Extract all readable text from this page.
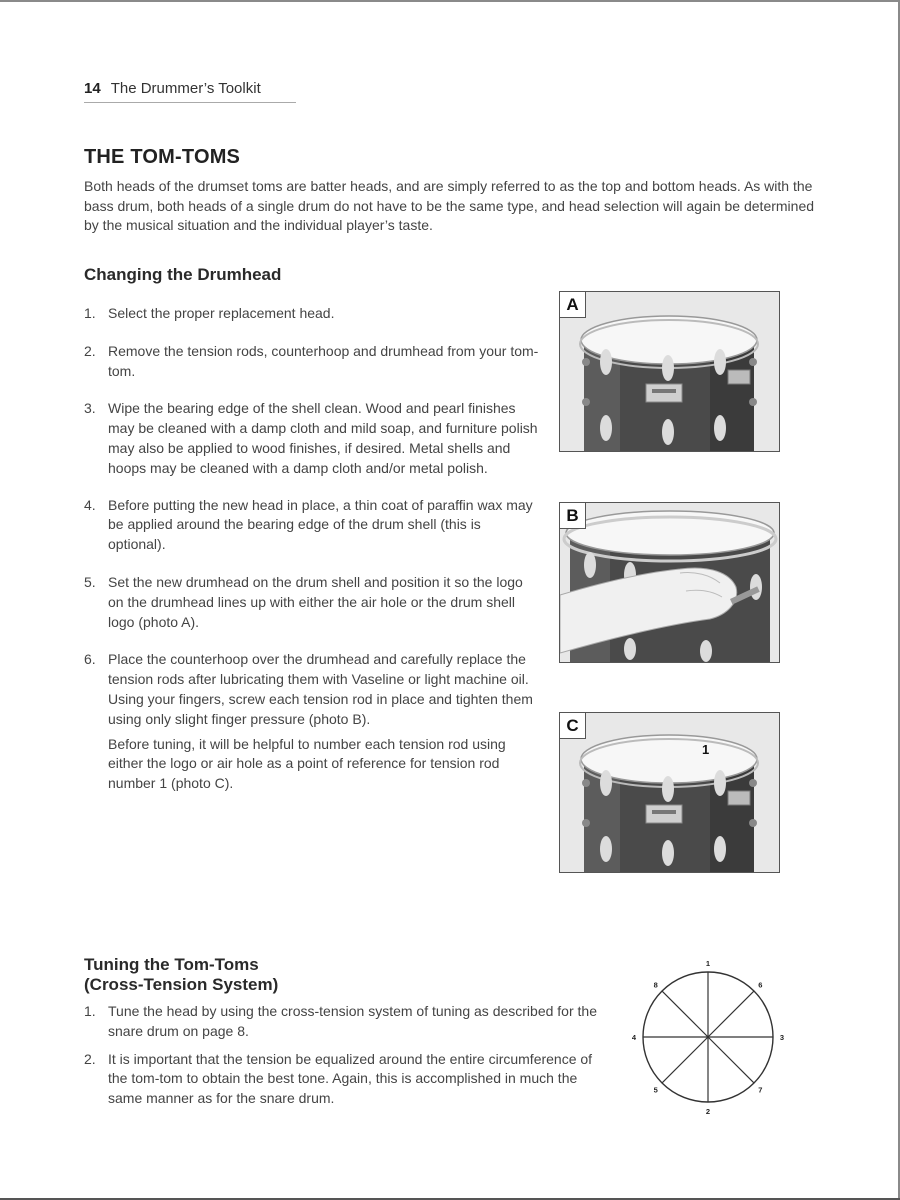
14 The Drummer’s Toolkit
THE TOM-TOMS

Both heads of the drumset toms are batter heads, and are simply referred to as the top and bottom heads. As with the bass drum, both heads of a single drum do not have to be the same type, and head selection will again be determined by the musical situation and the individual player’s taste.

Changing the Drumhead
1. Select the proper replacement head.
2. Remove the tension rods, counterhoop and drumhead from your tom-tom.
3. Wipe the bearing edge of the shell clean. Wood and pearl finishes may be cleaned with a damp cloth and mild soap, and furniture polish may also be applied to wood finishes, if desired. Metal shells and hoops may be cleaned with a damp cloth and/or metal polish.
4. Before putting the new head in place, a thin coat of paraffin wax may be applied around the bearing edge of the drum shell (this is optional).
5. Set the new drumhead on the drum shell and position it so the logo on the drumhead lines up with either the air hole or the drum shell logo (photo A).
6. Place the counterhoop over the drumhead and carefully replace the tension rods after lubricating them with Vaseline or light machine oil. Using your fingers, screw each tension rod in place and tighten them using only slight finger pressure (photo B).
Before tuning, it will be helpful to number each tension rod using either the logo or air hole as a point of reference for tension rod number 1 (photo C).
A
B
C
1
Tuning the Tom-Toms
(Cross-Tension System)
1. Tune the head by using the cross-tension system of tuning as described for the snare drum on page 8.
2. It is important that the tension be equalized around the entire circumference of the tom-tom to obtain the best tone. Again, this is accomplished in much the same manner as for the snare drum.
1
6
3
7
2
5
4
8
